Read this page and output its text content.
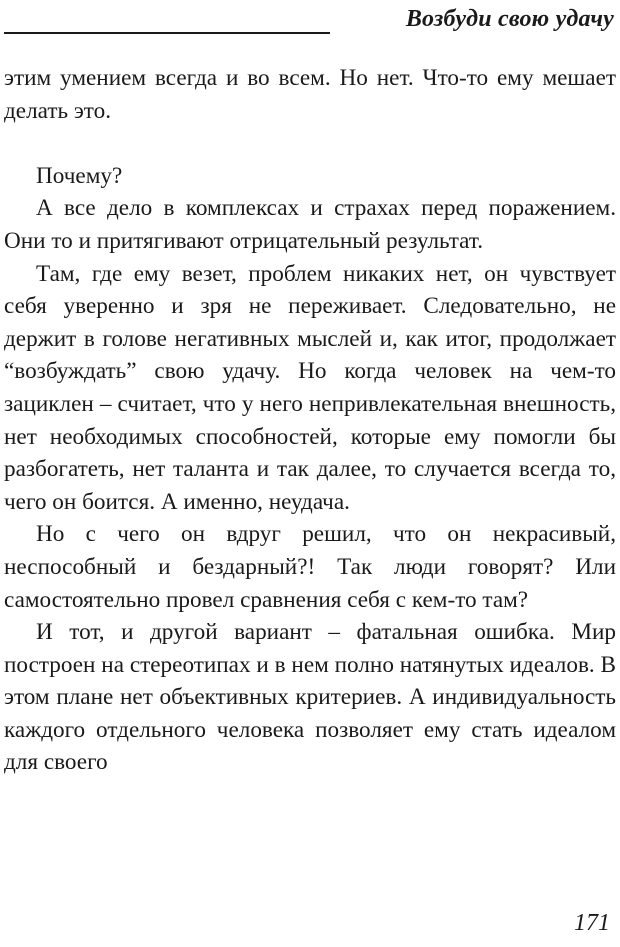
Возбуди свою удачу

этим умением всегда и во всем. Но нет. Что-то ему мешает делать это.

Почему?

А все дело в комплексах и страхах перед поражением. Они то и притягивают отрицательный результат.

Там, где ему везет, проблем никаких нет, он чувствует себя уверенно и зря не переживает. Следовательно, не держит в голове негативных мыслей и, как итог, продолжает “возбуждать” свою удачу. Но когда человек на чем-то зациклен – считает, что у него непривлекательная внешность, нет необходимых способностей, которые ему помогли бы разбогатеть, нет таланта и так далее, то случается всегда то, чего он боится. А именно, неудача.

Но с чего он вдруг решил, что он некрасивый, неспособный и бездарный?! Так люди говорят? Или самостоятельно провел сравнения себя с кем-то там?

И тот, и другой вариант – фатальная ошибка. Мир построен на стереотипах и в нем полно натянутых идеалов. В этом плане нет объективных критериев. А индивидуальность каждого отдельного человека позволяет ему стать идеалом для своего

171
